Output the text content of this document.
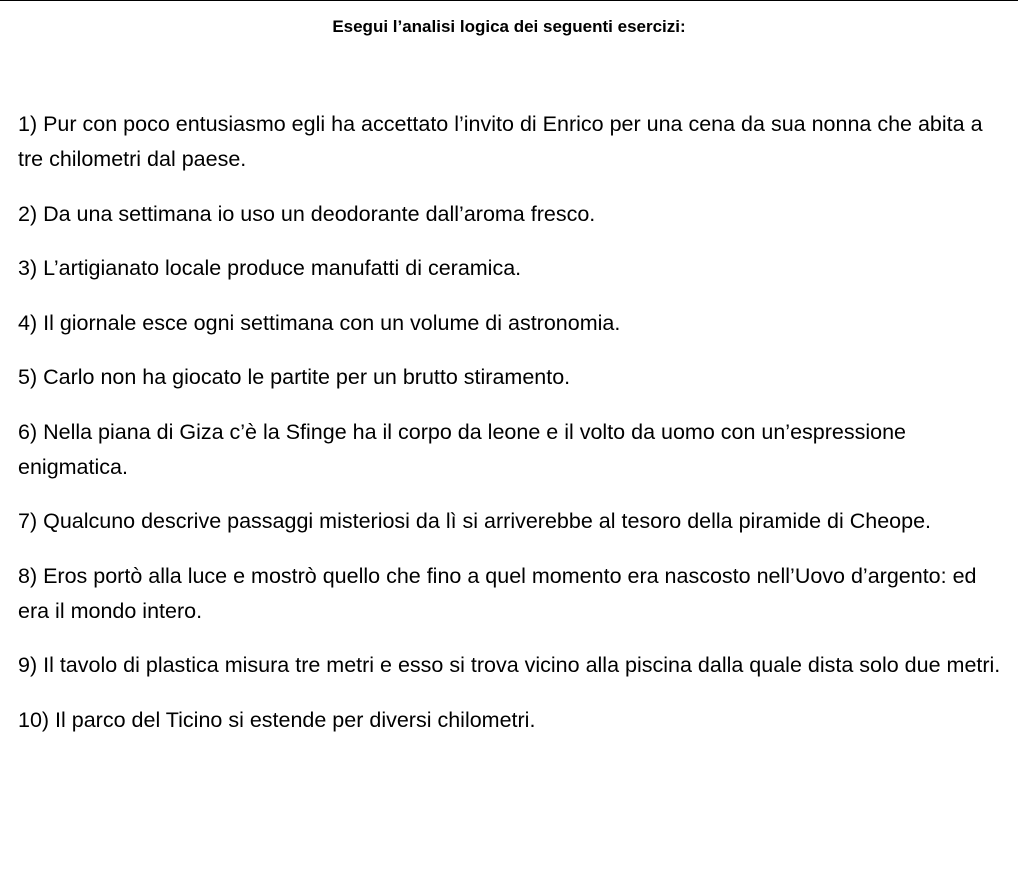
Esegui l’analisi logica dei seguenti esercizi:
1) Pur con poco entusiasmo egli ha accettato l’invito di Enrico per una cena da sua nonna che abita a tre chilometri dal paese.
2) Da una settimana io uso un deodorante dall’aroma fresco.
3) L’artigianato locale produce manufatti di ceramica.
4) Il giornale esce ogni settimana con un volume di astronomia.
5) Carlo non ha giocato le partite per un brutto stiramento.
6) Nella piana di Giza c’è la Sfinge ha il corpo da leone e il volto da uomo con un’espressione enigmatica.
7) Qualcuno descrive passaggi misteriosi da lì si arriverebbe al tesoro della piramide di Cheope.
8) Eros portò alla luce e mostrò quello che fino a quel momento era nascosto nell’Uovo d’argento: ed era il mondo intero.
9) Il tavolo di plastica misura tre metri e esso si trova vicino alla piscina dalla quale dista solo due metri.
10) Il parco del Ticino si estende per diversi chilometri.
